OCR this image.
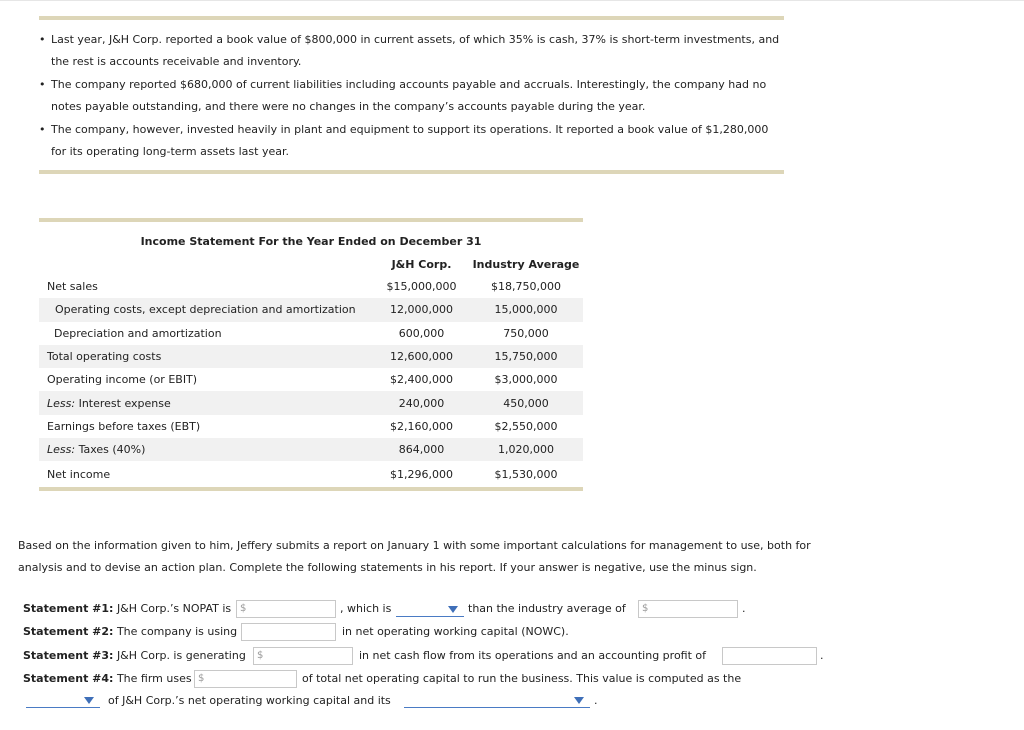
• Last year, J&H Corp. reported a book value of $800,000 in current assets, of which 35% is cash, 37% is short-term investments, and the rest is accounts receivable and inventory.
• The company reported $680,000 of current liabilities including accounts payable and accruals. Interestingly, the company had no notes payable outstanding, and there were no changes in the company’s accounts payable during the year.
• The company, however, invested heavily in plant and equipment to support its operations. It reported a book value of $1,280,000 for its operating long-term assets last year.
Income Statement For the Year Ended on December 31
J&H Corp.	Industry Average
Net sales	$15,000,000	$18,750,000
Operating costs, except depreciation and amortization	12,000,000	15,000,000
Depreciation and amortization	600,000	750,000
Total operating costs	12,600,000	15,750,000
Operating income (or EBIT)	$2,400,000	$3,000,000
Less: Interest expense	240,000	450,000
Earnings before taxes (EBT)	$2,160,000	$2,550,000
Less: Taxes (40%)	864,000	1,020,000
Net income	$1,296,000	$1,530,000
Based on the information given to him, Jeffery submits a report on January 1 with some important calculations for management to use, both for analysis and to devise an action plan. Complete the following statements in his report. If your answer is negative, use the minus sign.
Statement #1: J&H Corp.’s NOPAT is $	, which is	than the industry average of	$	.
Statement #2: The company is using	in net operating working capital (NOWC).
Statement #3: J&H Corp. is generating	$	in net cash flow from its operations and an accounting profit of	.
Statement #4: The firm uses $	of total net operating capital to run the business. This value is computed as the
of J&H Corp.’s net operating working capital and its	.
